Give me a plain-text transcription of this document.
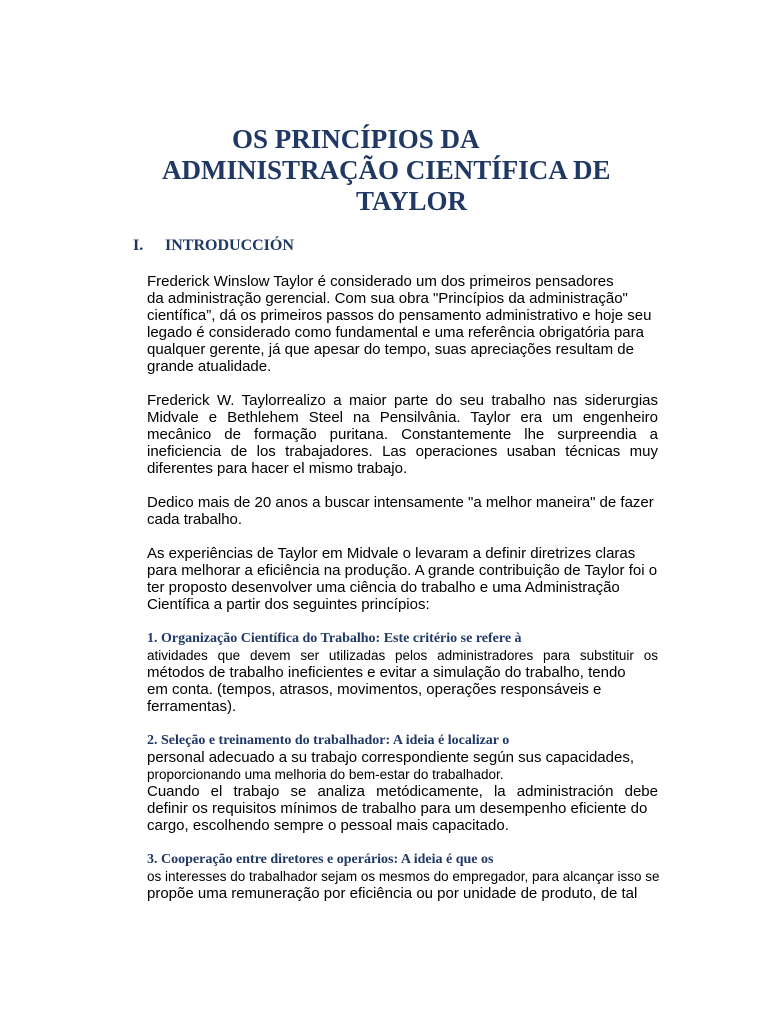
OS PRINCÍPIOS DA
ADMINISTRAÇÃO CIENTÍFICA DE
TAYLOR
I. INTRODUCCIÓN
Frederick Winslow Taylor é considerado um dos primeiros pensadores
da administração gerencial. Com sua obra "Princípios da administração"
científica”, dá os primeiros passos do pensamento administrativo e hoje seu
legado é considerado como fundamental e uma referência obrigatória para
qualquer gerente, já que apesar do tempo, suas apreciações resultam de
grande atualidade.
Frederick W. Taylorrealizo a maior parte do seu trabalho nas siderurgias
Midvale e Bethlehem Steel na Pensilvânia. Taylor era um engenheiro
mecânico de formação puritana. Constantemente lhe surpreendia a
ineficiencia de los trabajadores. Las operaciones usaban técnicas muy
diferentes para hacer el mismo trabajo.
Dedico mais de 20 anos a buscar intensamente "a melhor maneira" de fazer
cada trabalho.
As experiências de Taylor em Midvale o levaram a definir diretrizes claras
para melhorar a eficiência na produção. A grande contribuição de Taylor foi o
ter proposto desenvolver uma ciência do trabalho e uma Administração
Científica a partir dos seguintes princípios:
1. Organização Científica do Trabalho: Este critério se refere à
atividades que devem ser utilizadas pelos administradores para substituir os
métodos de trabalho ineficientes e evitar a simulação do trabalho, tendo
em conta. (tempos, atrasos, movimentos, operações responsáveis e
ferramentas).
2. Seleção e treinamento do trabalhador: A ideia é localizar o
personal adecuado a su trabajo correspondiente según sus capacidades,
proporcionando uma melhoria do bem-estar do trabalhador.
Cuando el trabajo se analiza metódicamente, la administración debe
definir os requisitos mínimos de trabalho para um desempenho eficiente do
cargo, escolhendo sempre o pessoal mais capacitado.
3. Cooperação entre diretores e operários: A ideia é que os
os interesses do trabalhador sejam os mesmos do empregador, para alcançar isso se
propõe uma remuneração por eficiência ou por unidade de produto, de tal
